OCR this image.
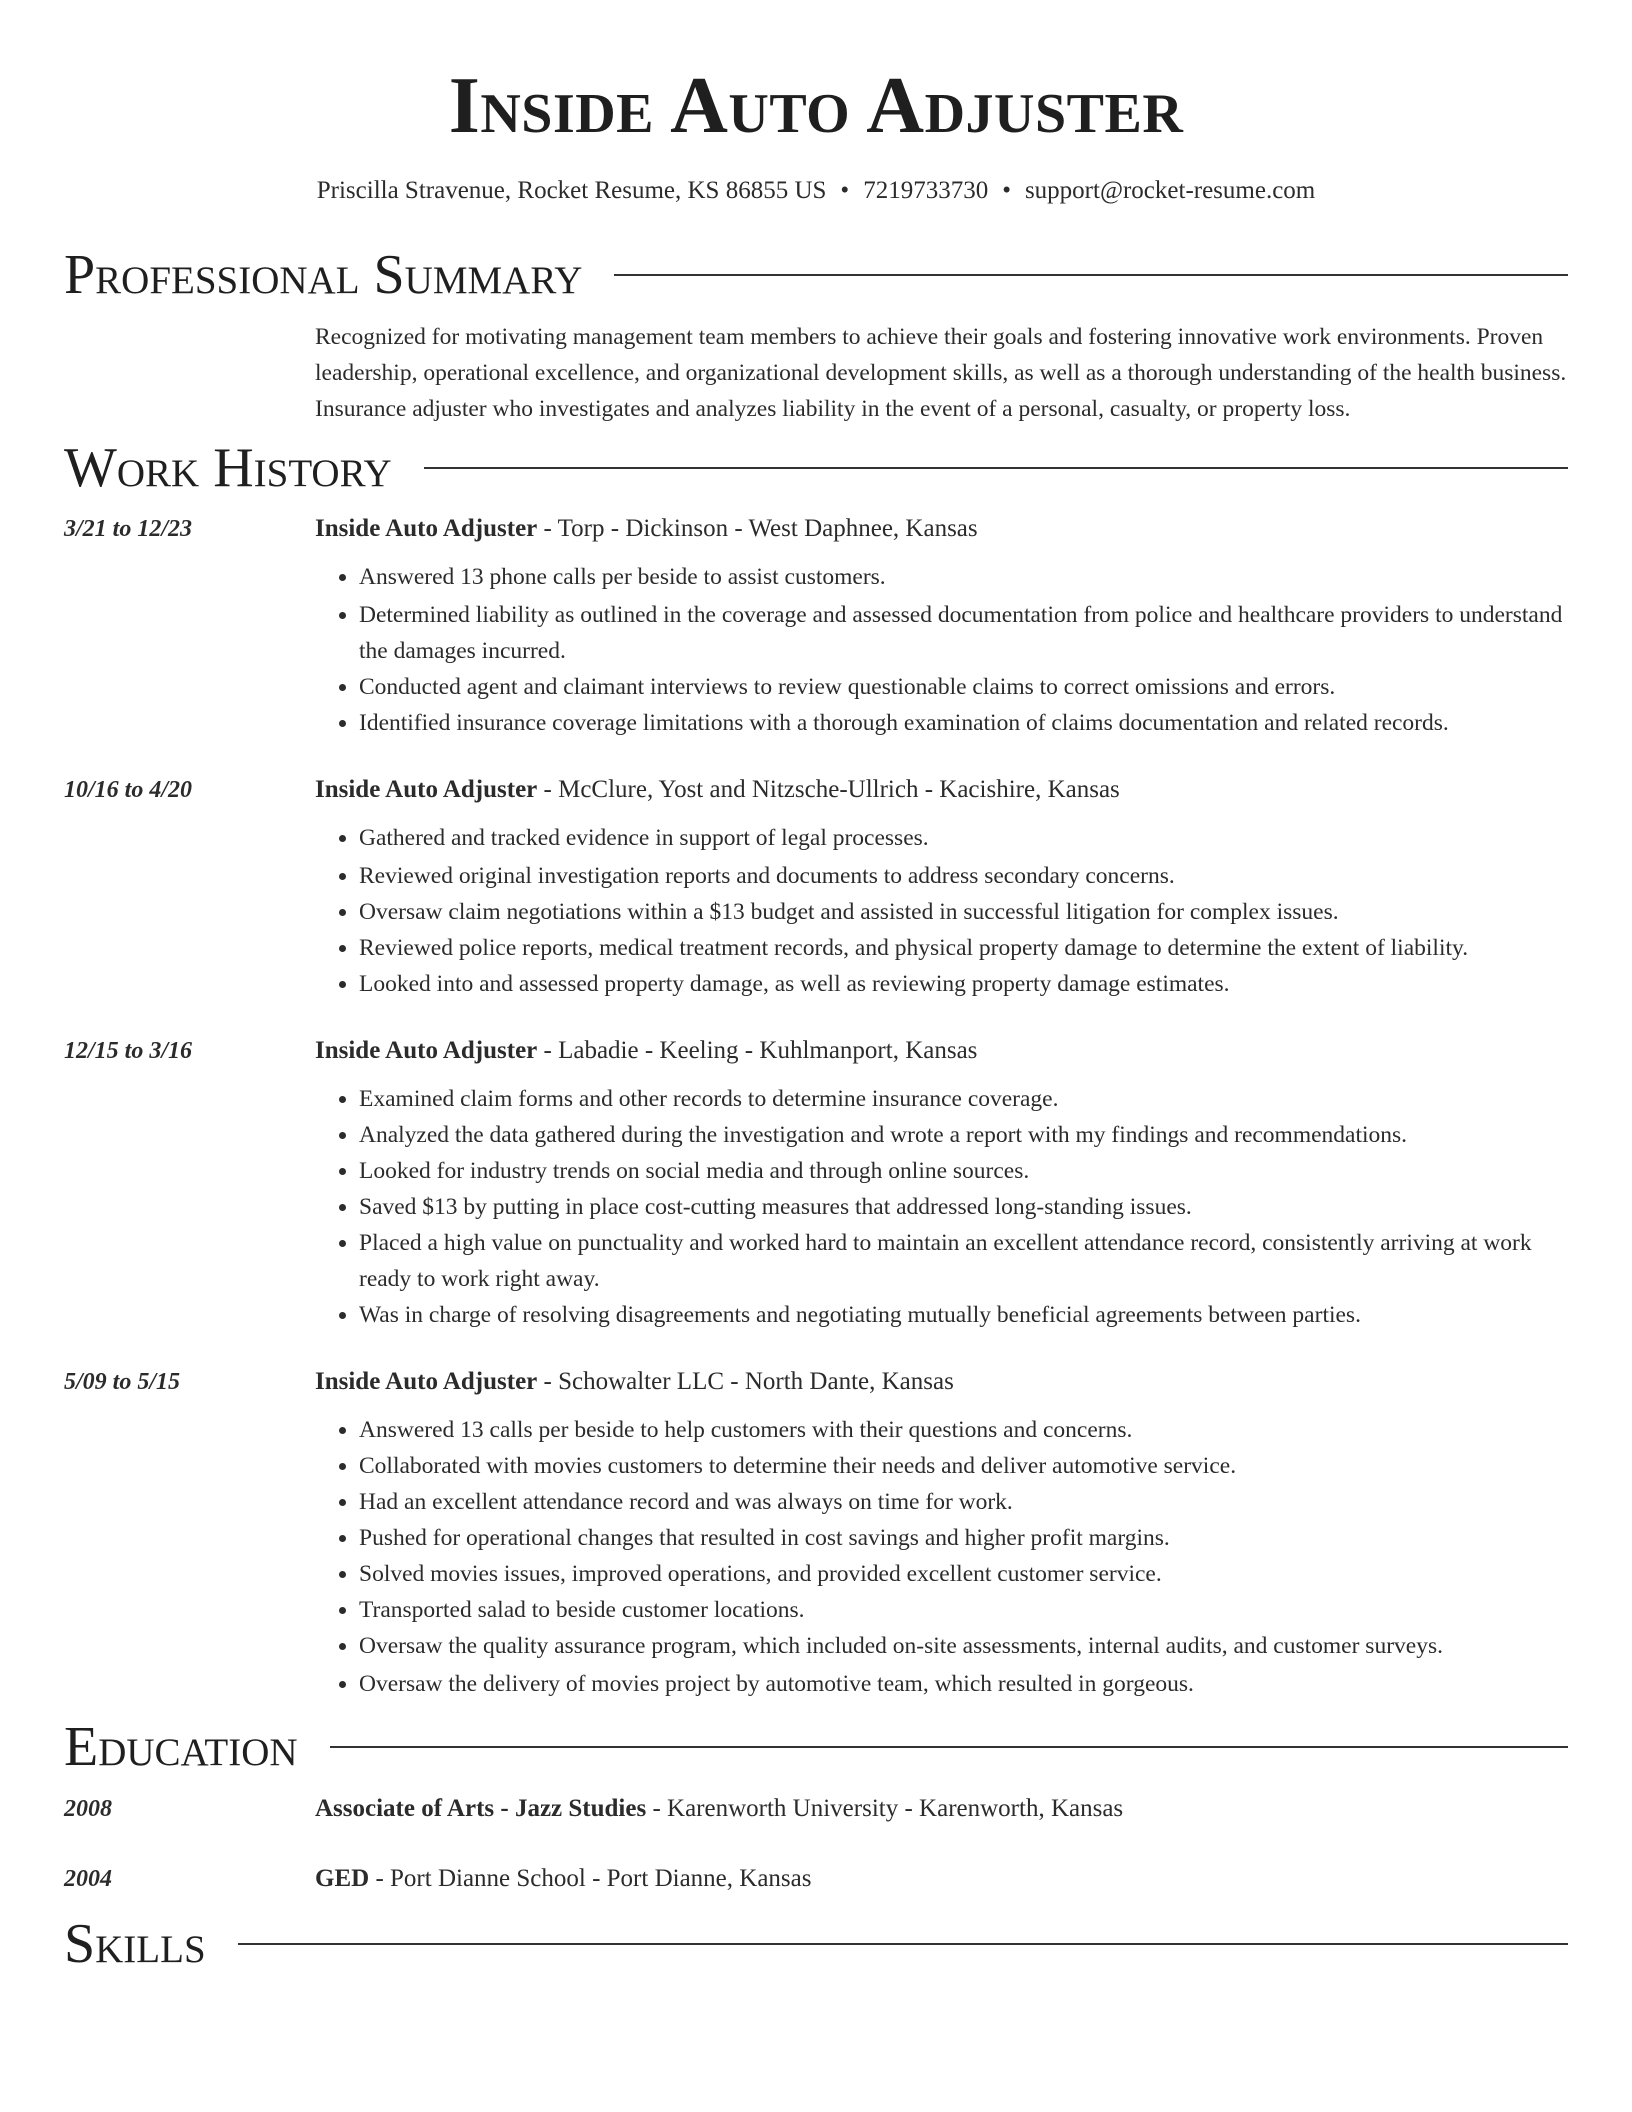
Inside Auto Adjuster
Priscilla Stravenue, Rocket Resume, KS 86855 US • 7219733730 • support@rocket-resume.com
Professional Summary
Recognized for motivating management team members to achieve their goals and fostering innovative work environments. Proven leadership, operational excellence, and organizational development skills, as well as a thorough understanding of the health business. Insurance adjuster who investigates and analyzes liability in the event of a personal, casualty, or property loss.
Work History
3/21 to 12/23	Inside Auto Adjuster - Torp - Dickinson - West Daphnee, Kansas
• Answered 13 phone calls per beside to assist customers.
• Determined liability as outlined in the coverage and assessed documentation from police and healthcare providers to understand the damages incurred.
• Conducted agent and claimant interviews to review questionable claims to correct omissions and errors.
• Identified insurance coverage limitations with a thorough examination of claims documentation and related records.
10/16 to 4/20	Inside Auto Adjuster - McClure, Yost and Nitzsche-Ullrich - Kacishire, Kansas
• Gathered and tracked evidence in support of legal processes.
• Reviewed original investigation reports and documents to address secondary concerns.
• Oversaw claim negotiations within a $13 budget and assisted in successful litigation for complex issues.
• Reviewed police reports, medical treatment records, and physical property damage to determine the extent of liability.
• Looked into and assessed property damage, as well as reviewing property damage estimates.
12/15 to 3/16	Inside Auto Adjuster - Labadie - Keeling - Kuhlmanport, Kansas
• Examined claim forms and other records to determine insurance coverage.
• Analyzed the data gathered during the investigation and wrote a report with my findings and recommendations.
• Looked for industry trends on social media and through online sources.
• Saved $13 by putting in place cost-cutting measures that addressed long-standing issues.
• Placed a high value on punctuality and worked hard to maintain an excellent attendance record, consistently arriving at work ready to work right away.
• Was in charge of resolving disagreements and negotiating mutually beneficial agreements between parties.
5/09 to 5/15	Inside Auto Adjuster - Schowalter LLC - North Dante, Kansas
• Answered 13 calls per beside to help customers with their questions and concerns.
• Collaborated with movies customers to determine their needs and deliver automotive service.
• Had an excellent attendance record and was always on time for work.
• Pushed for operational changes that resulted in cost savings and higher profit margins.
• Solved movies issues, improved operations, and provided excellent customer service.
• Transported salad to beside customer locations.
• Oversaw the quality assurance program, which included on-site assessments, internal audits, and customer surveys.
• Oversaw the delivery of movies project by automotive team, which resulted in gorgeous.
Education
2008	Associate of Arts - Jazz Studies - Karenworth University - Karenworth, Kansas
2004	GED - Port Dianne School - Port Dianne, Kansas
Skills
